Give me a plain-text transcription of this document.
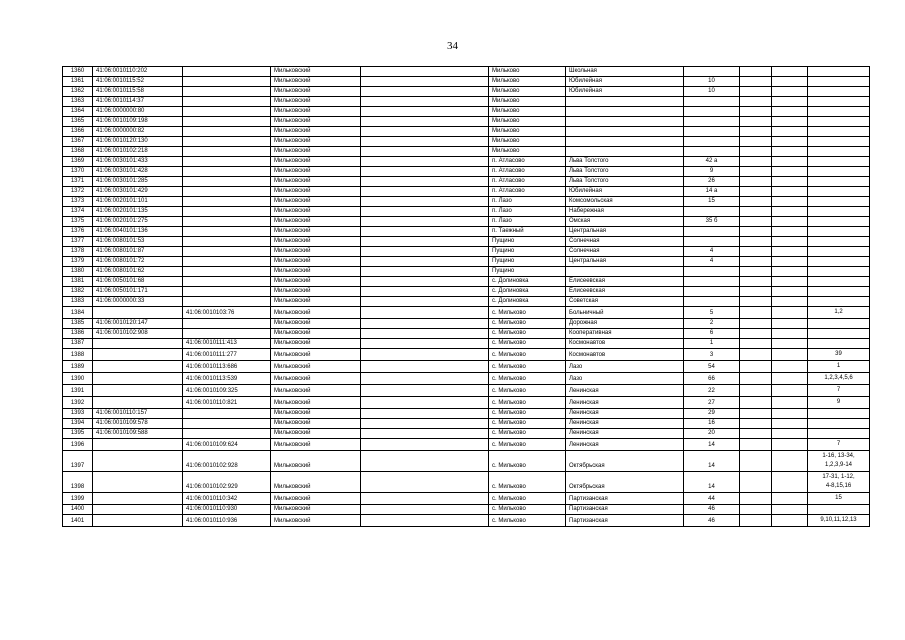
34
1360	41:06:0010110:202		Мильковский		Мильково	Школьная				
1361	41:06:0010115:52		Мильковский		Мильково	Юбилейная	10			
1362	41:06:0010115:58		Мильковский		Мильково	Юбилейная	10			
1363	41:06:0010114:37		Мильковский		Мильково					
1364	41:06:0000000:80		Мильковский		Мильково					
1365	41:06:0010109:198		Мильковский		Мильково					
1366	41:06:0000000:82		Мильковский		Мильково					
1367	41:06:0010120:130		Мильковский		Мильково					
1368	41:06:0010102:218		Мильковский		Мильково					
1369	41:06:0030101:433		Мильковский		п. Атласово	Льва Толстого	42 а			
1370	41:06:0030101:428		Мильковский		п. Атласово	Льва Толстого	9			
1371	41:06:0030101:285		Мильковский		п. Атласово	Льва Толстого	26			
1372	41:06:0030101:429		Мильковский		п. Атласово	Юбилейная	14 а			
1373	41:06:0020101:101		Мильковский		п. Лазо	Комсомольская	15			
1374	41:06:0020101:135		Мильковский		п. Лазо	Набережная				
1375	41:06:0020101:275		Мильковский		п. Лазо	Омская	35 б			
1376	41:06:0040101:136		Мильковский		п. Таежный	Центральная				
1377	41:06:0080101:53		Мильковский		Пущино	Солнечная				
1378	41:06:0080101:87		Мильковский		Пущино	Солнечная	4			
1379	41:06:0080101:72		Мильковский		Пущино	Центральная	4			
1380	41:06:0080101:62		Мильковский		Пущино					
1381	41:06:0050101:68		Мильковский		с. Долиновка	Елисеевская				
1382	41:06:0050101:171		Мильковский		с. Долиновка	Елисеевская				
1383	41:06:0000000:33		Мильковский		с. Долиновка	Советская				
1384		41:06:0010103:76	Мильковский		с. Мильково	Больничный	5			1,2
1385	41:06:0010120:147		Мильковский		с. Мильково	Дорожная	2			
1386	41:06:0010102:908		Мильковский		с. Мильково	Кооперативная	6			
1387		41:06:0010111:413	Мильковский		с. Мильково	Космонавтов	1			
1388		41:06:0010111:277	Мильковский		с. Мильково	Космонавтов	3			39
1389		41:06:0010113:686	Мильковский		с. Мильково	Лазо	54			1
1390		41:06:0010113:539	Мильковский		с. Мильково	Лазо	66			1,2,3,4,5,6
1391		41:06:0010109:325	Мильковский		с. Мильково	Ленинская	22			7
1392		41:06:0010110:821	Мильковский		с. Мильково	Ленинская	27			9
1393	41:06:0010110:157		Мильковский		с. Мильково	Ленинская	29			
1394	41:06:0010109:578		Мильковский		с. Мильково	Ленинская	16			
1395	41:06:0010109:588		Мильковский		с. Мильково	Ленинская	20			
1396		41:06:0010109:624	Мильковский		с. Мильково	Ленинская	14			7
1397		41:06:0010102:928	Мильковский		с. Мильково	Октябрьская	14			1-16, 13-34,
1,2,3,9-14
1398		41:06:0010102:929	Мильковский		с. Мильково	Октябрьская	14			17-31, 1-12,
4-8,15,16
1399		41:06:0010110:342	Мильковский		с. Мильково	Партизанская	44			15
1400		41:06:0010110:930	Мильковский		с. Мильково	Партизанская	46			
1401		41:06:0010110:936	Мильковский		с. Мильково	Партизанская	46			9,10,11,12,13
